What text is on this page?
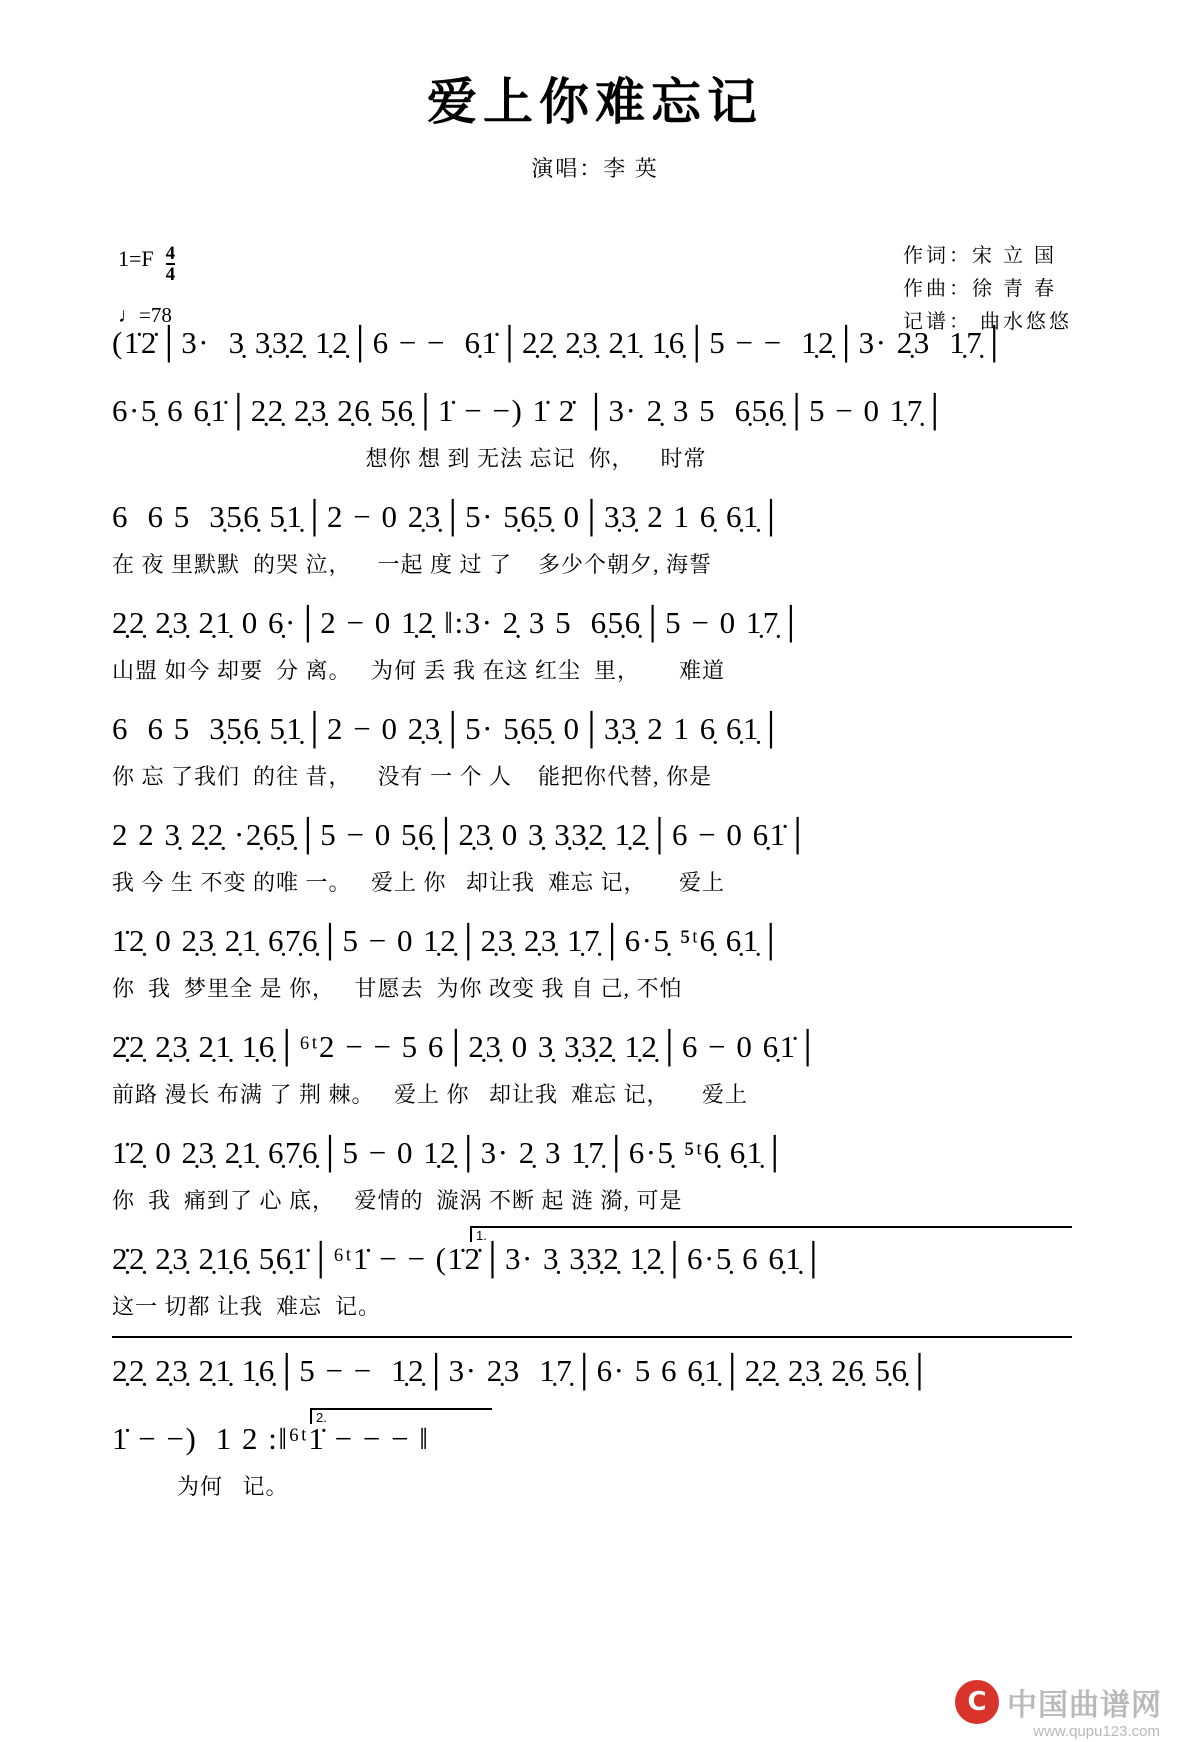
爱上你难忘记
演唱：李 英
$1=F \frac{4}{4}$
♩=78
作词：宋 立 国
作曲：徐 青 春
记谱： 曲水悠悠
(1̇2̇│3·  3̣ 3̣3̣2̣ 1̣2̣│6 − −  6̣1̇│2̣2̣ 2̣3̣ 2̣1̣ 1̣6̣│5 − −  1̣2̣│3· 2̣3  1̣7̣│
6·5̣ 6 6̣1̇│2̣2̣ 2̣3̣ 2̣6̣ 5̣6̣│1̇ − −) 1̇ 2̇ │3· 2̣ 3 5  6̣5̣6̣│5 − 0 1̣7̣│
想你 想 到 无法 忘记  你，    时常
6  6 5  3̣5̣6̣ 5̣1̣│2 − 0 2̣3̣│5· 5̣6̣5̣ 0│3̣3̣ 2 1 6̣ 6̣1̣│
在 夜 里默默  的哭 泣，    一起 度 过 了    多少个朝夕, 海誓
2̣2̣ 2̣3̣ 2̣1̣ 0 6̣·│2 − 0 1̣2̣ ‖:3· 2̣ 3 5  6̣5̣6̣│5 − 0 1̣7̣│
山盟 如今 却要  分 离。   为何 丢 我 在这 红尘  里，      难道
6  6 5  3̣5̣6̣ 5̣1̣│2 − 0 2̣3̣│5· 5̣6̣5̣ 0│3̣3̣ 2 1 6̣ 6̣1̣│
你 忘 了我们  的往 昔，    没有 一 个 人    能把你代替, 你是
2 2 3̣ 2̣2̣ ·2̣6̣5̣│5 − 0 5̣6̣│2̣3̣ 0 3̣ 3̣3̣2̣ 1̣2̣│6 − 0 6̣1̇│
我 今 生 不变 的唯 一。   爱上 你   却让我  难忘 记，     爱上
1̇2̣ 0 2̣3̣ 2̣1̣ 6̣7̣6̣│5 − 0 1̣2̣│2̣3̣ 2̣3̣ 1̣7̣│6·5̣ ⁵ᵗ6̣ 6̣1̣│
你  我  梦里全 是 你，   甘愿去  为你 改变 我 自 己, 不怕
2̣̇2̣ 2̣3̣ 2̣1̣ 1̣6̣│⁶ᵗ2 − − 5 6│2̣3̣ 0 3̣ 3̣3̣2̣ 1̣2̣│6 − 0 6̣1̇│
前路 漫长 布满 了 荆 棘。   爱上 你   却让我  难忘 记，     爱上
1̇2̣ 0 2̣3̣ 2̣1̣ 6̣7̣6̣│5 − 0 1̣2̣│3· 2̣ 3 1̣7̣│6·5̣ ⁵ᵗ6̣ 6̣1̣│
你  我  痛到了 心 底，   爱情的  漩涡 不断 起 涟 漪, 可是
1.
2̣̇2̣ 2̣3̣ 2̣1̣6̣ 5̣6̣1̇│⁶ᵗ1̇ − − (1̇2̇│3· 3̣ 3̣3̣2̣ 1̣2̣│6·5̣ 6 6̣1̣│
这一 切都 让我  难忘  记。
2̣2̣ 2̣3̣ 2̣1̣ 1̣6̣│5 − −  1̣2̣│3· 2̣3  1̣7̣│6· 5 6 6̣1̣│2̣2̣ 2̣3̣ 2̣6̣ 5̣6̣│
2.
1̇ − −)  1 2 :‖⁶ᵗ1̇ − − − ‖
为何   记。
C 中国曲谱网
www.qupu123.com
